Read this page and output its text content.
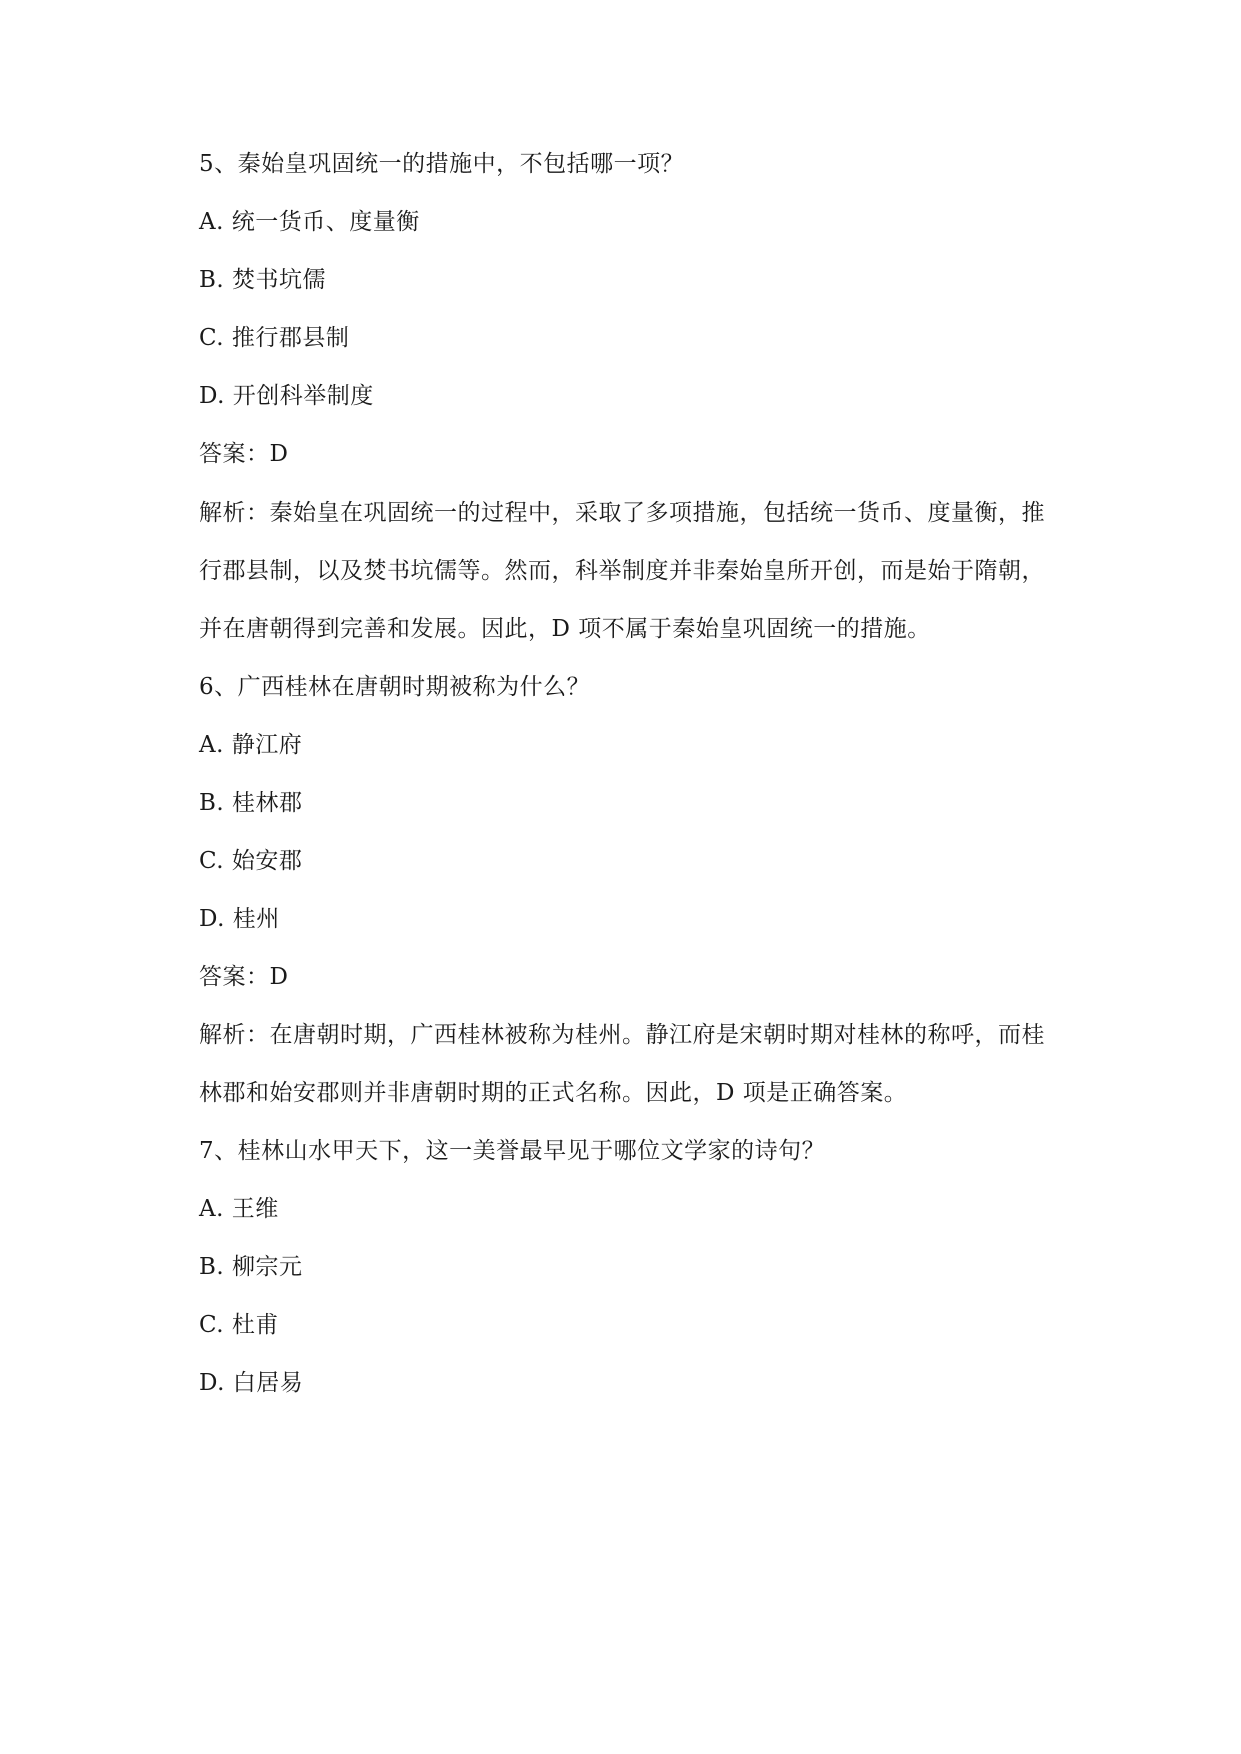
5、秦始皇巩固统一的措施中，不包括哪一项？
A. 统一货币、度量衡
B. 焚书坑儒
C. 推行郡县制
D. 开创科举制度
答案：D
解析：秦始皇在巩固统一的过程中，采取了多项措施，包括统一货币、度量衡，推
行郡县制，以及焚书坑儒等。然而，科举制度并非秦始皇所开创，而是始于隋朝，
并在唐朝得到完善和发展。因此，D 项不属于秦始皇巩固统一的措施。
6、广西桂林在唐朝时期被称为什么？
A. 静江府
B. 桂林郡
C. 始安郡
D. 桂州
答案：D
解析：在唐朝时期，广西桂林被称为桂州。静江府是宋朝时期对桂林的称呼，而桂
林郡和始安郡则并非唐朝时期的正式名称。因此，D 项是正确答案。
7、桂林山水甲天下，这一美誉最早见于哪位文学家的诗句？
A. 王维
B. 柳宗元
C. 杜甫
D. 白居易
